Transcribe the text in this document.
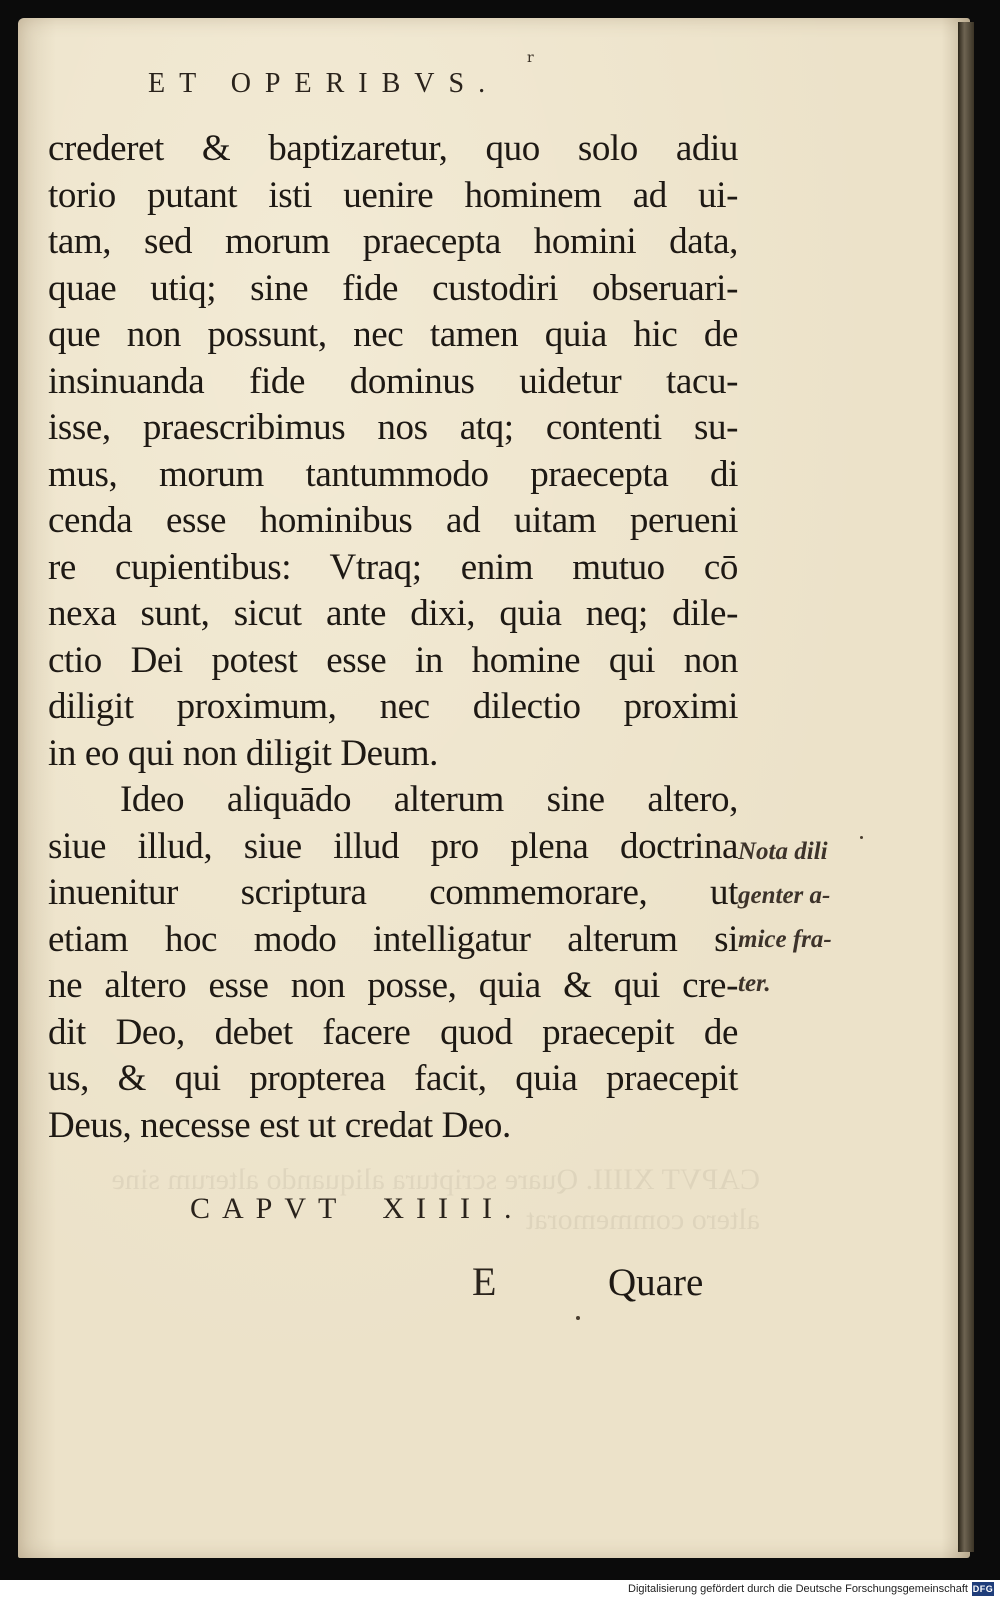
CAPVT XIIII. Quare scriptura aliquando alterum sine altero commemorat
r
ET OPERIBVS.
crederet & baptizaretur, quo solo adiu
torio putant isti uenire hominem ad ui-
tam, sed morum praecepta homini data,
quae utiq; sine fide custodiri obseruari-
que non possunt, nec tamen quia hic de
insinuanda fide dominus uidetur tacu-
isse, praescribimus nos atq; contenti su-
mus, morum tantummodo praecepta di
cenda esse hominibus ad uitam perueni
re cupientibus: Vtraq; enim mutuo cō
nexa sunt, sicut ante dixi, quia neq; dile-
ctio Dei potest esse in homine qui non
diligit proximum, nec dilectio proximi
in eo qui non diligit Deum.
Ideo aliquādo alterum sine altero,
siue illud, siue illud pro plena doctrina
inuenitur scriptura commemorare, ut
etiam hoc modo intelligatur alterum si
ne altero esse non posse, quia & qui cre-
dit Deo, debet facere quod praecepit de
us, & qui propterea facit, quia praecepit
Deus, necesse est ut credat Deo.
Nota dili
genter a-
mice fra-
ter.
CAPVT XIIII.
E	Quare
Digitalisierung gefördert durch die Deutsche Forschungsgemeinschaft DFG
